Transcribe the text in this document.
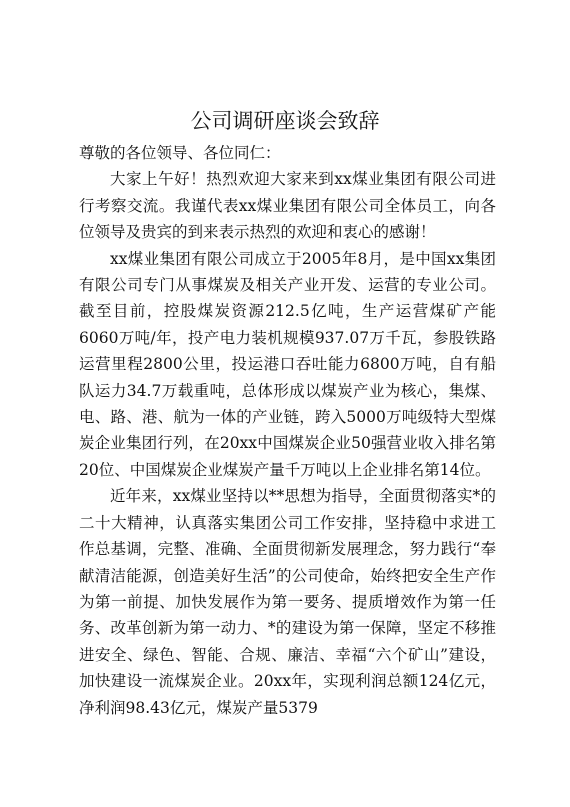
公司调研座谈会致辞

尊敬的各位领导、各位同仁：

大家上午好！热烈欢迎大家来到xx煤业集团有限公司进行考察交流。我谨代表xx煤业集团有限公司全体员工，向各位领导及贵宾的到来表示热烈的欢迎和衷心的感谢！

xx煤业集团有限公司成立于2005年8月，是中国xx集团有限公司专门从事煤炭及相关产业开发、运营的专业公司。截至目前，控股煤炭资源212.5亿吨，生产运营煤矿产能6060万吨/年，投产电力装机规模937.07万千瓦，参股铁路运营里程2800公里，投运港口吞吐能力6800万吨，自有船队运力34.7万载重吨，总体形成以煤炭产业为核心，集煤、电、路、港、航为一体的产业链，跨入5000万吨级特大型煤炭企业集团行列，在20xx中国煤炭企业50强营业收入排名第20位、中国煤炭企业煤炭产量千万吨以上企业排名第14位。

近年来，xx煤业坚持以**思想为指导，全面贯彻落实*的二十大精神，认真落实集团公司工作安排，坚持稳中求进工作总基调，完整、准确、全面贯彻新发展理念，努力践行“奉献清洁能源，创造美好生活”的公司使命，始终把安全生产作为第一前提、加快发展作为第一要务、提质增效作为第一任务、改革创新为第一动力、*的建设为第一保障，坚定不移推进安全、绿色、智能、合规、廉洁、幸福“六个矿山”建设，加快建设一流煤炭企业。20xx年，实现利润总额124亿元，净利润98.43亿元，煤炭产量5379
